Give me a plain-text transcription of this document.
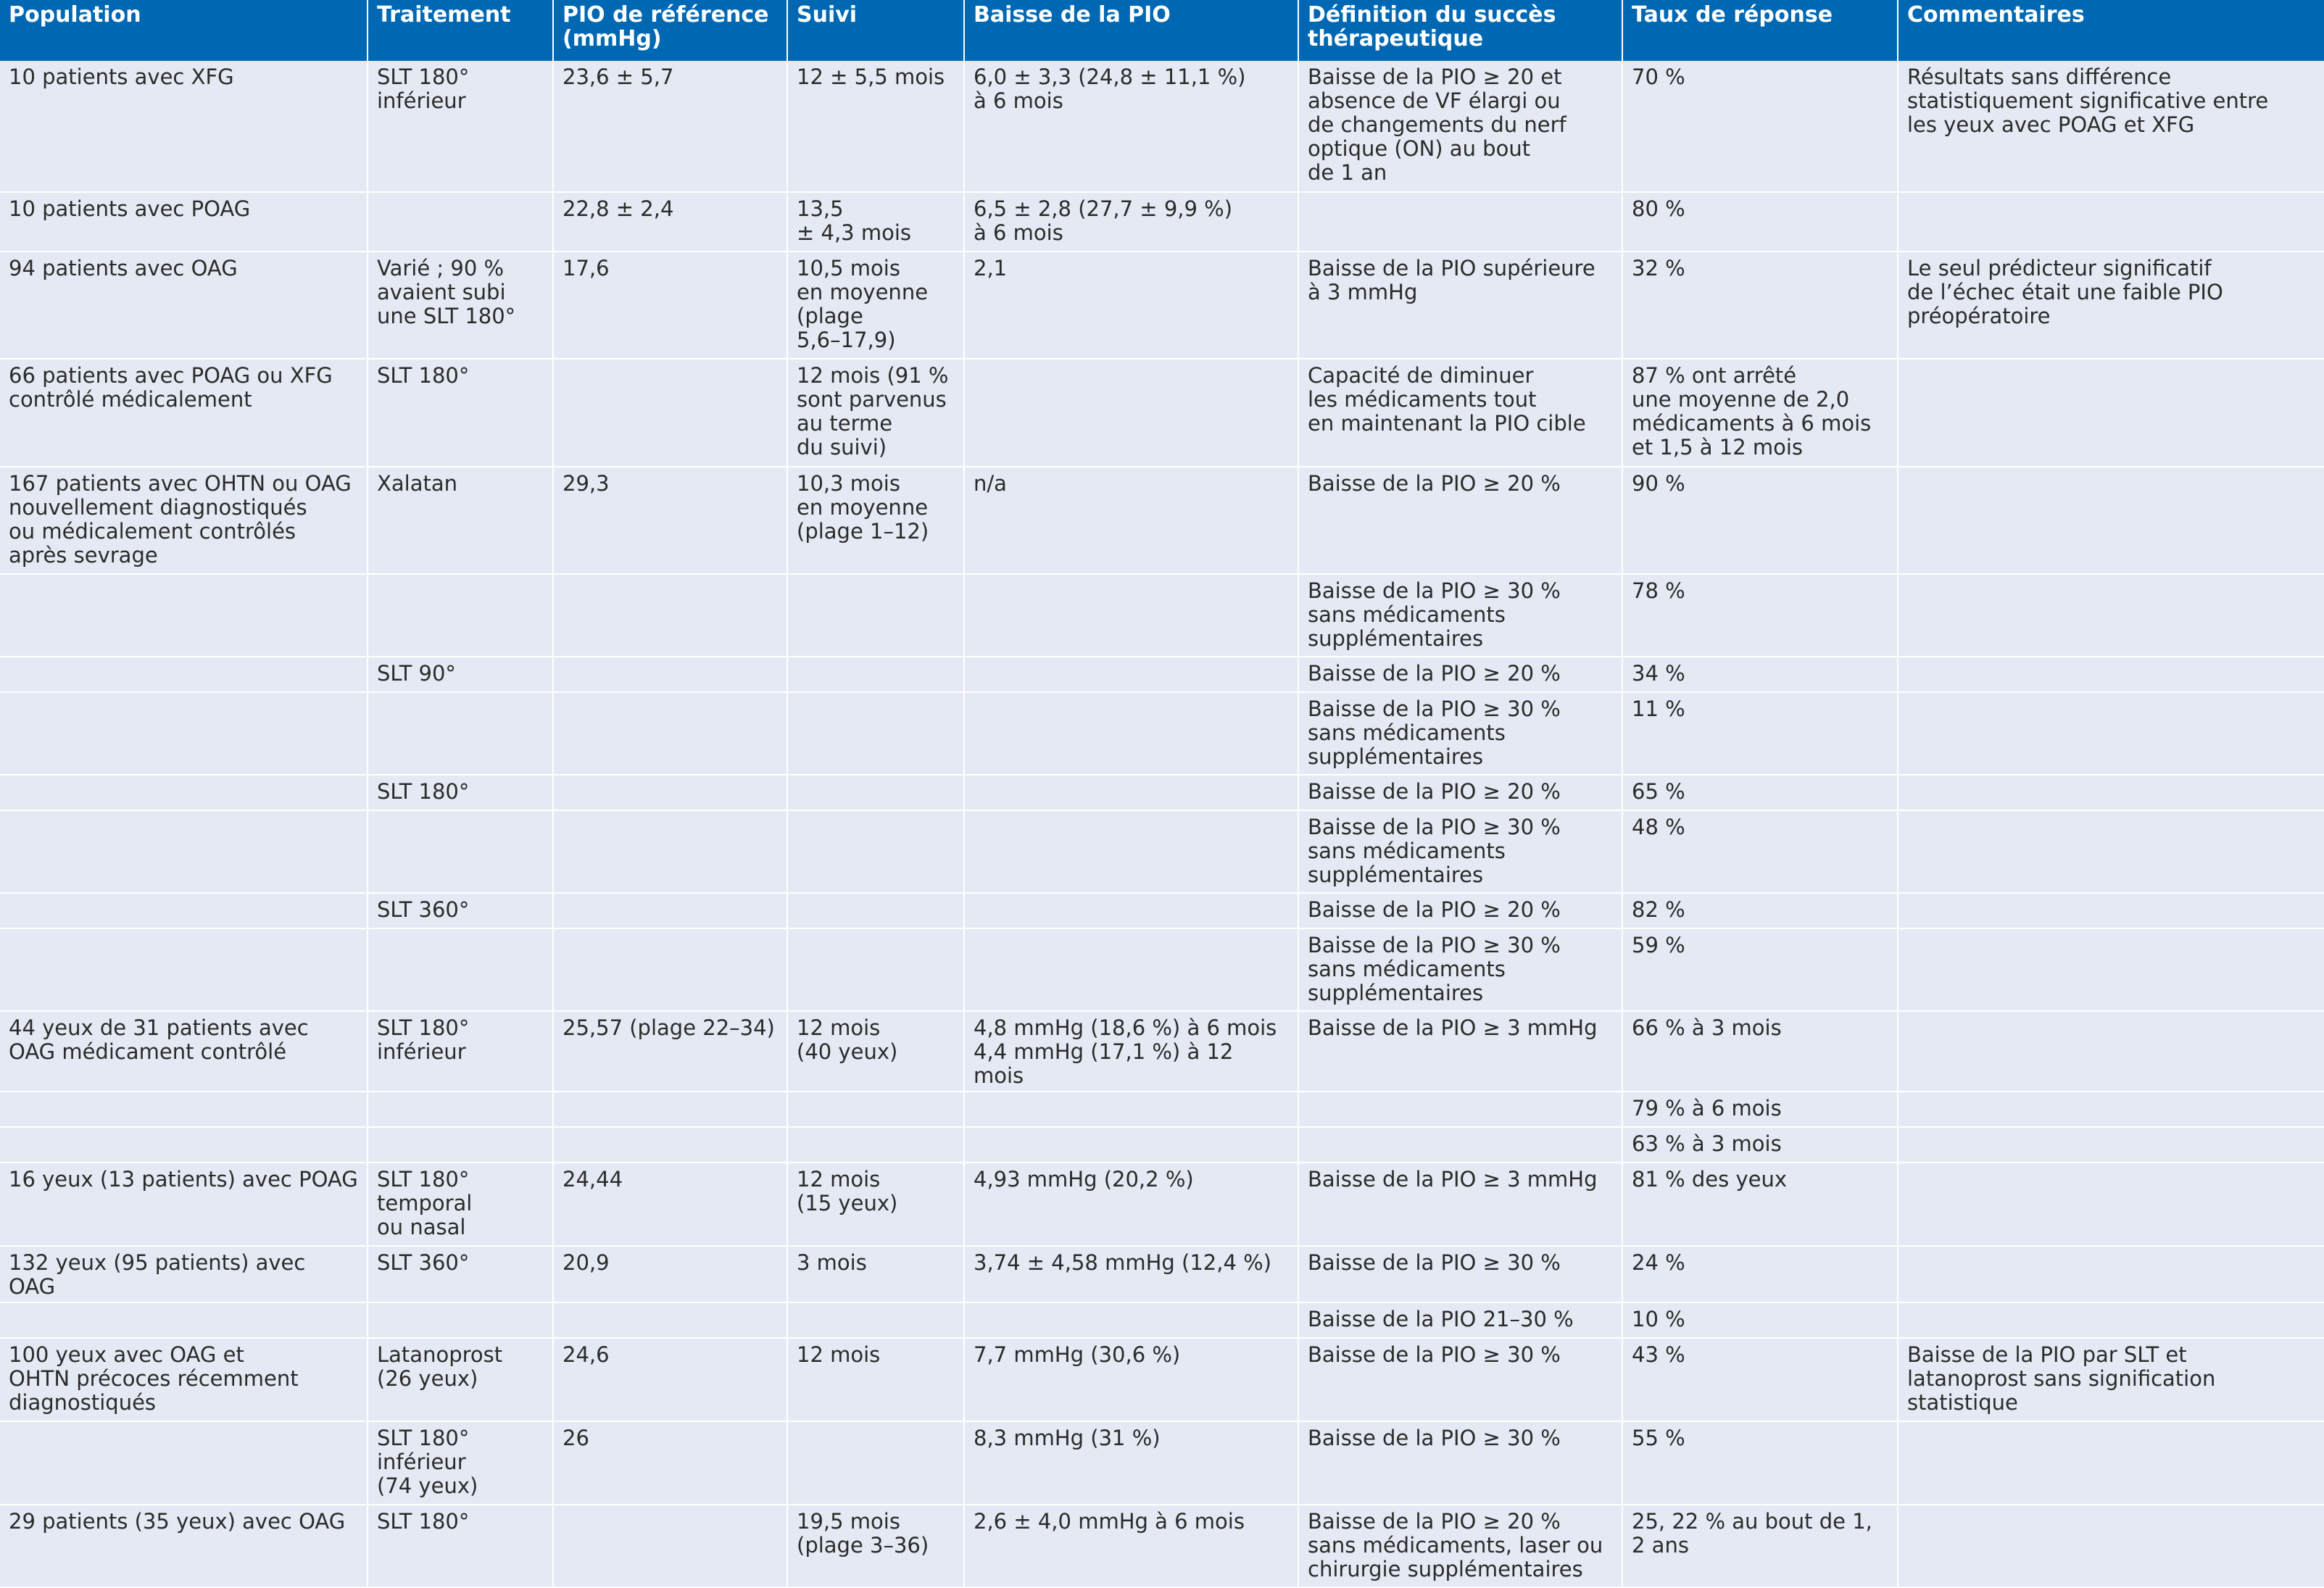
Population	Traitement	PIO de référence
(mmHg)	Suivi	Baisse de la PIO	Définition du succès
thérapeutique	Taux de réponse	Commentaires
10 patients avec XFG	SLT 180°
inférieur	23,6 ± 5,7	12 ± 5,5 mois	6,0 ± 3,3 (24,8 ± 11,1 %)
à 6 mois	Baisse de la PIO ≥ 20 et
absence de VF élargi ou
de changements du nerf
optique (ON) au bout
de 1 an	70 %	Résultats sans différence
statistiquement significative entre
les yeux avec POAG et XFG
10 patients avec POAG		22,8 ± 2,4	13,5
± 4,3 mois	6,5 ± 2,8 (27,7 ± 9,9 %)
à 6 mois		80 %	
94 patients avec OAG	Varié ; 90 %
avaient subi
une SLT 180°	17,6	10,5 mois
en moyenne
(plage
5,6–17,9)	2,1	Baisse de la PIO supérieure
à 3 mmHg	32 %	Le seul prédicteur significatif
de l’échec était une faible PIO
préopératoire
66 patients avec POAG ou XFG
contrôlé médicalement	SLT 180°		12 mois (91 %
sont parvenus
au terme
du suivi)		Capacité de diminuer
les médicaments tout
en maintenant la PIO cible	87 % ont arrêté
une moyenne de 2,0
médicaments à 6 mois
et 1,5 à 12 mois	
167 patients avec OHTN ou OAG
nouvellement diagnostiqués
ou médicalement contrôlés
après sevrage	Xalatan	29,3	10,3 mois
en moyenne
(plage 1–12)	n/a	Baisse de la PIO ≥ 20 %	90 %	
					Baisse de la PIO ≥ 30 %
sans médicaments
supplémentaires	78 %	
	SLT 90°				Baisse de la PIO ≥ 20 %	34 %	
					Baisse de la PIO ≥ 30 %
sans médicaments
supplémentaires	11 %	
	SLT 180°				Baisse de la PIO ≥ 20 %	65 %	
					Baisse de la PIO ≥ 30 %
sans médicaments
supplémentaires	48 %	
	SLT 360°				Baisse de la PIO ≥ 20 %	82 %	
					Baisse de la PIO ≥ 30 %
sans médicaments
supplémentaires	59 %	
44 yeux de 31 patients avec
OAG médicament contrôlé	SLT 180°
inférieur	25,57 (plage 22–34)	12 mois
(40 yeux)	4,8 mmHg (18,6 %) à 6 mois
4,4 mmHg (17,1 %) à 12 mois	Baisse de la PIO ≥ 3 mmHg	66 % à 3 mois	
						79 % à 6 mois	
						63 % à 3 mois	
16 yeux (13 patients) avec POAG	SLT 180°
temporal
ou nasal	24,44	12 mois
(15 yeux)	4,93 mmHg (20,2 %)	Baisse de la PIO ≥ 3 mmHg	81 % des yeux	
132 yeux (95 patients) avec OAG	SLT 360°	20,9	3 mois	3,74 ± 4,58 mmHg (12,4 %)	Baisse de la PIO ≥ 30 %	24 %	
					Baisse de la PIO 21–30 %	10 %	
100 yeux avec OAG et
OHTN précoces récemment
diagnostiqués	Latanoprost
(26 yeux)	24,6	12 mois	7,7 mmHg (30,6 %)	Baisse de la PIO ≥ 30 %	43 %	Baisse de la PIO par SLT et
latanoprost sans signification
statistique
	SLT 180°
inférieur
(74 yeux)	26		8,3 mmHg (31 %)	Baisse de la PIO ≥ 30 %	55 %	
29 patients (35 yeux) avec OAG	SLT 180°		19,5 mois
(plage 3–36)	2,6 ± 4,0 mmHg à 6 mois	Baisse de la PIO ≥ 20 %
sans médicaments, laser ou
chirurgie supplémentaires	25, 22 % au bout de 1,
2 ans	
